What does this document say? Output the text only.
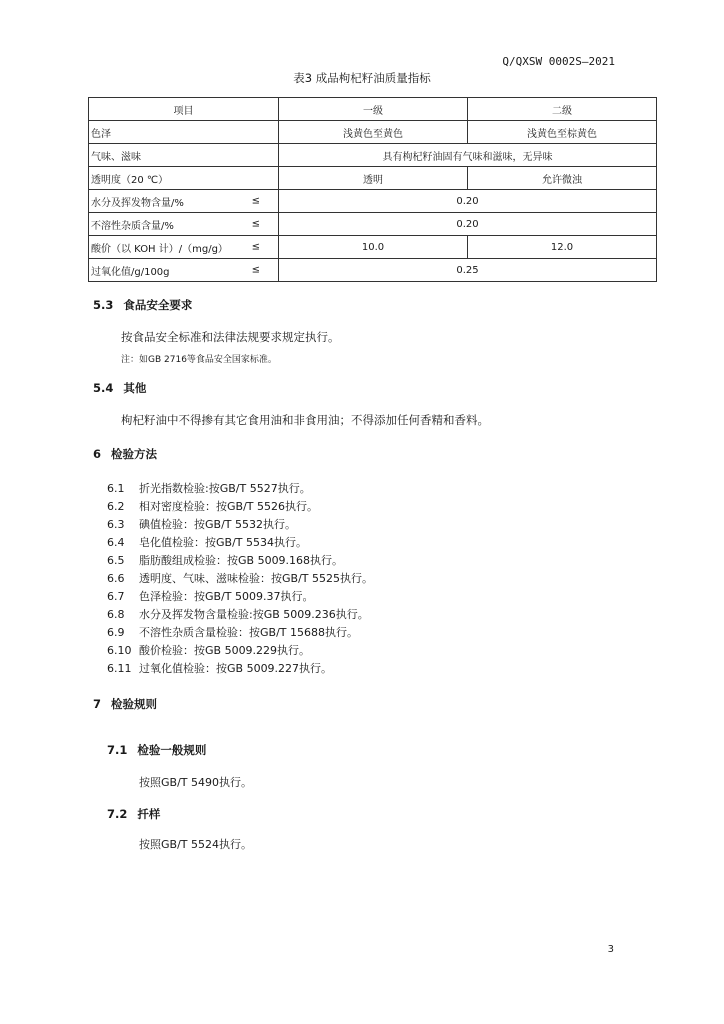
Q/QXSW 0002S—2021
表3 成品枸杞籽油质量指标
项目	一级	二级
色泽	浅黄色至黄色	浅黄色至棕黄色
气味、滋味	具有枸杞籽油固有气味和滋味，无异味	
透明度（20 ℃）	透明	允许微浊
水分及挥发物含量/% ≤	0.20	
不溶性杂质含量/% ≤	0.20	
酸价（以 KOH 计）/（mg/g） ≤	10.0	12.0
过氧化值/g/100g ≤	0.25	
5.3 食品安全要求
按食品安全标准和法律法规要求规定执行。
注：如GB 2716等食品安全国家标准。
5.4 其他
枸杞籽油中不得掺有其它食用油和非食用油；不得添加任何香精和香料。
6 检验方法
6.1 折光指数检验:按GB/T 5527执行。
6.2 相对密度检验：按GB/T 5526执行。
6.3 碘值检验：按GB/T 5532执行。
6.4 皂化值检验：按GB/T 5534执行。
6.5 脂肪酸组成检验：按GB 5009.168执行。
6.6 透明度、气味、滋味检验：按GB/T 5525执行。
6.7 色泽检验：按GB/T 5009.37执行。
6.8 水分及挥发物含量检验:按GB 5009.236执行。
6.9 不溶性杂质含量检验：按GB/T 15688执行。
6.10 酸价检验：按GB 5009.229执行。
6.11 过氧化值检验：按GB 5009.227执行。
7 检验规则
7.1 检验一般规则
按照GB/T 5490执行。
7.2 扦样
按照GB/T 5524执行。
3
